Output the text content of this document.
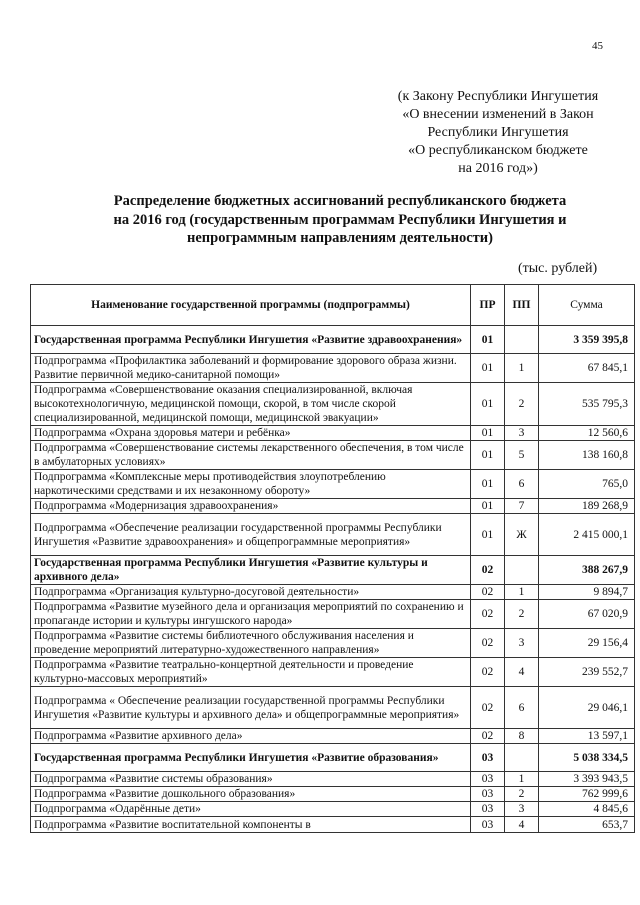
45
(к Закону Республики Ингушетия
«О внесении изменений в Закон
Республики Ингушетия
«О республиканском бюджете
на 2016 год»)
Распределение бюджетных ассигнований республиканского бюджета
на 2016 год (государственным программам Республики Ингушетия и
непрограммным направлениям деятельности)
(тыс. рублей)
Наименование государственной программы (подпрограммы)	ПР	ПП	Сумма
Государственная программа Республики Ингушетия «Развитие здравоохранения»	01		3 359 395,8
Подпрограмма «Профилактика заболеваний и формирование здорового образа жизни. Развитие первичной медико-санитарной помощи»	01	1	67 845,1
Подпрограмма «Совершенствование оказания специализированной, включая высокотехнологичную, медицинской помощи, скорой, в том числе скорой специализированной, медицинской помощи, медицинской эвакуации»	01	2	535 795,3
Подпрограмма «Охрана здоровья матери и ребёнка»	01	3	12 560,6
Подпрограмма «Совершенствование системы лекарственного обеспечения, в том числе в амбулаторных условиях»	01	5	138 160,8
Подпрограмма «Комплексные меры противодействия злоупотреблению наркотическими средствами и их незаконному обороту»	01	6	765,0
Подпрограмма «Модернизация здравоохранения»	01	7	189 268,9
Подпрограмма «Обеспечение реализации государственной программы Республики Ингушетия «Развитие здравоохранения» и общепрограммные мероприятия»	01	Ж	2 415 000,1
Государственная программа Республики Ингушетия «Развитие культуры и архивного дела»	02		388 267,9
Подпрограмма «Организация культурно-досуговой деятельности»	02	1	9 894,7
Подпрограмма «Развитие музейного дела и организация мероприятий по сохранению и пропаганде истории и культуры ингушского народа»	02	2	67 020,9
Подпрограмма «Развитие системы библиотечного обслуживания населения и проведение мероприятий литературно-художественного направления»	02	3	29 156,4
Подпрограмма «Развитие театрально-концертной деятельности и проведение культурно-массовых мероприятий»	02	4	239 552,7
Подпрограмма « Обеспечение реализации государственной программы Республики Ингушетия «Развитие культуры и архивного дела» и общепрограммные мероприятия»	02	6	29 046,1
Подпрограмма «Развитие архивного дела»	02	8	13 597,1
Государственная программа Республики Ингушетия «Развитие образования»	03		5 038 334,5
Подпрограмма «Развитие системы образования»	03	1	3 393 943,5
Подпрограмма «Развитие дошкольного образования»	03	2	762 999,6
Подпрограмма «Одарённые дети»	03	3	4 845,6
Подпрограмма «Развитие воспитательной компоненты в	03	4	653,7
